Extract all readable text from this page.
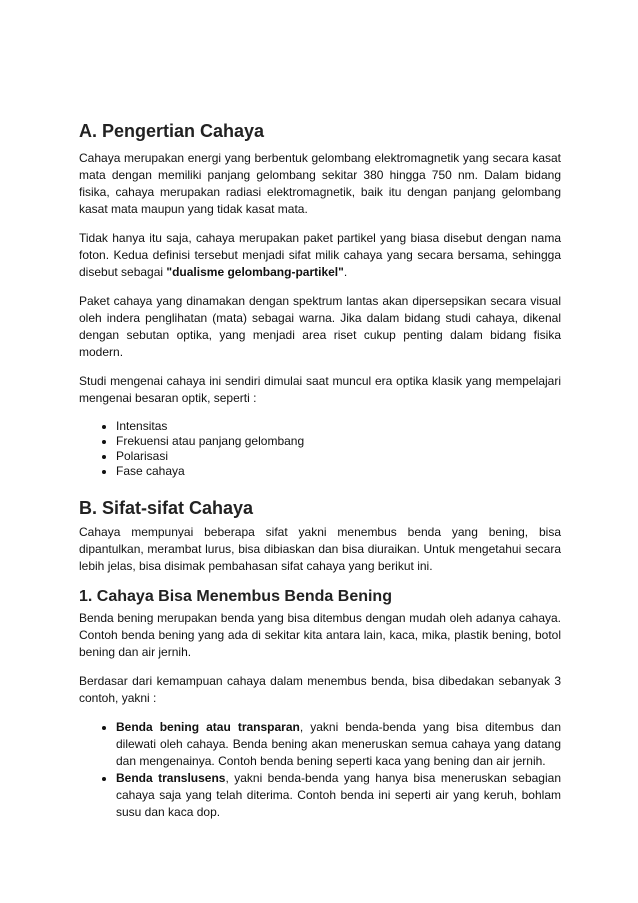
A. Pengertian Cahaya

Cahaya merupakan energi yang berbentuk gelombang elektromagnetik yang secara kasat mata dengan memiliki panjang gelombang sekitar 380 hingga 750 nm. Dalam bidang fisika, cahaya merupakan radiasi elektromagnetik, baik itu dengan panjang gelombang kasat mata maupun yang tidak kasat mata.

Tidak hanya itu saja, cahaya merupakan paket partikel yang biasa disebut dengan nama foton. Kedua definisi tersebut menjadi sifat milik cahaya yang secara bersama, sehingga disebut sebagai "dualisme gelombang-partikel".

Paket cahaya yang dinamakan dengan spektrum lantas akan dipersepsikan secara visual oleh indera penglihatan (mata) sebagai warna. Jika dalam bidang studi cahaya, dikenal dengan sebutan optika, yang menjadi area riset cukup penting dalam bidang fisika modern.

Studi mengenai cahaya ini sendiri dimulai saat muncul era optika klasik yang mempelajari mengenai besaran optik, seperti :

• Intensitas
• Frekuensi atau panjang gelombang
• Polarisasi
• Fase cahaya
B. Sifat-sifat Cahaya

Cahaya mempunyai beberapa sifat yakni menembus benda yang bening, bisa dipantulkan, merambat lurus, bisa dibiaskan dan bisa diuraikan. Untuk mengetahui secara lebih jelas, bisa disimak pembahasan sifat cahaya yang berikut ini.

1. Cahaya Bisa Menembus Benda Bening

Benda bening merupakan benda yang bisa ditembus dengan mudah oleh adanya cahaya. Contoh benda bening yang ada di sekitar kita antara lain, kaca, mika, plastik bening, botol bening dan air jernih.

Berdasar dari kemampuan cahaya dalam menembus benda, bisa dibedakan sebanyak 3 contoh, yakni :

• Benda bening atau transparan, yakni benda-benda yang bisa ditembus dan dilewati oleh cahaya. Benda bening akan meneruskan semua cahaya yang datang dan mengenainya. Contoh benda bening seperti kaca yang bening dan air jernih.
• Benda translusens, yakni benda-benda yang hanya bisa meneruskan sebagian cahaya saja yang telah diterima. Contoh benda ini seperti air yang keruh, bohlam susu dan kaca dop.
